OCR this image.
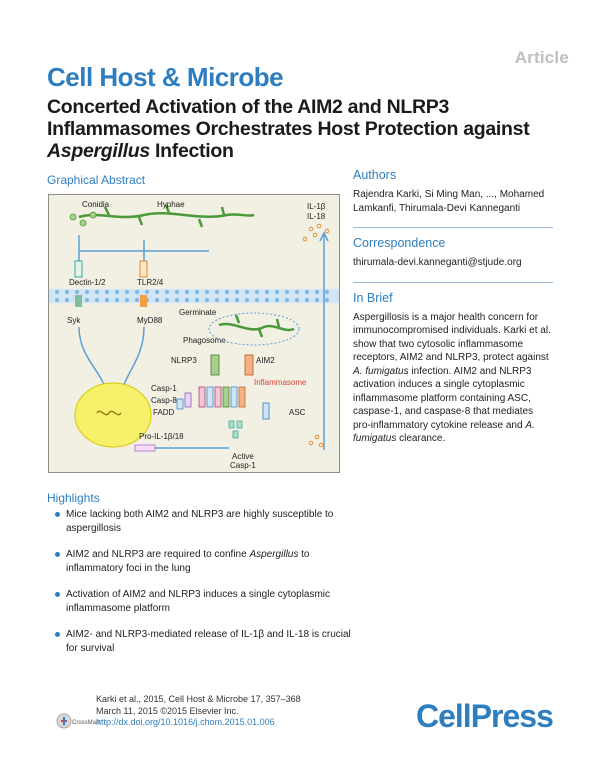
Article
Cell Host & Microbe
Concerted Activation of the AIM2 and NLRP3 Inflammasomes Orchestrates Host Protection against Aspergillus Infection
Graphical Abstract
Conidia	Hyphae
Dectin-1/2	TLR2/4
Syk	MyD88
Pro-IL-1β/18
Germinate
Phagosome
NLRP3	AIM2
Inflammasome
Casp-1
Casp-8
FADD	ASC
Active
Casp-1
IL-1β
IL-18
Authors
Rajendra Karki, Si Ming Man, ..., Mohamed Lamkanfi, Thirumala-Devi Kanneganti
Correspondence
thirumala-devi.kanneganti@stjude.org
In Brief
Aspergillosis is a major health concern for immunocompromised individuals. Karki et al. show that two cytosolic inflammasome receptors, AIM2 and NLRP3, protect against A. fumigatus infection. AIM2 and NLRP3 activation induces a single cytoplasmic inflammasome platform containing ASC, caspase-1, and caspase-8 that mediates pro-inflammatory cytokine release and A. fumigatus clearance.
Highlights
Mice lacking both AIM2 and NLRP3 are highly susceptible to aspergillosis
AIM2 and NLRP3 are required to confine Aspergillus to inflammatory foci in the lung
Activation of AIM2 and NLRP3 induces a single cytoplasmic inflammasome platform
AIM2- and NLRP3-mediated release of IL-1β and IL-18 is crucial for survival
CrossMark
Karki et al., 2015, Cell Host & Microbe 17, 357–368
March 11, 2015 ©2015 Elsevier Inc.
http://dx.doi.org/10.1016/j.chom.2015.01.006	CellPress
